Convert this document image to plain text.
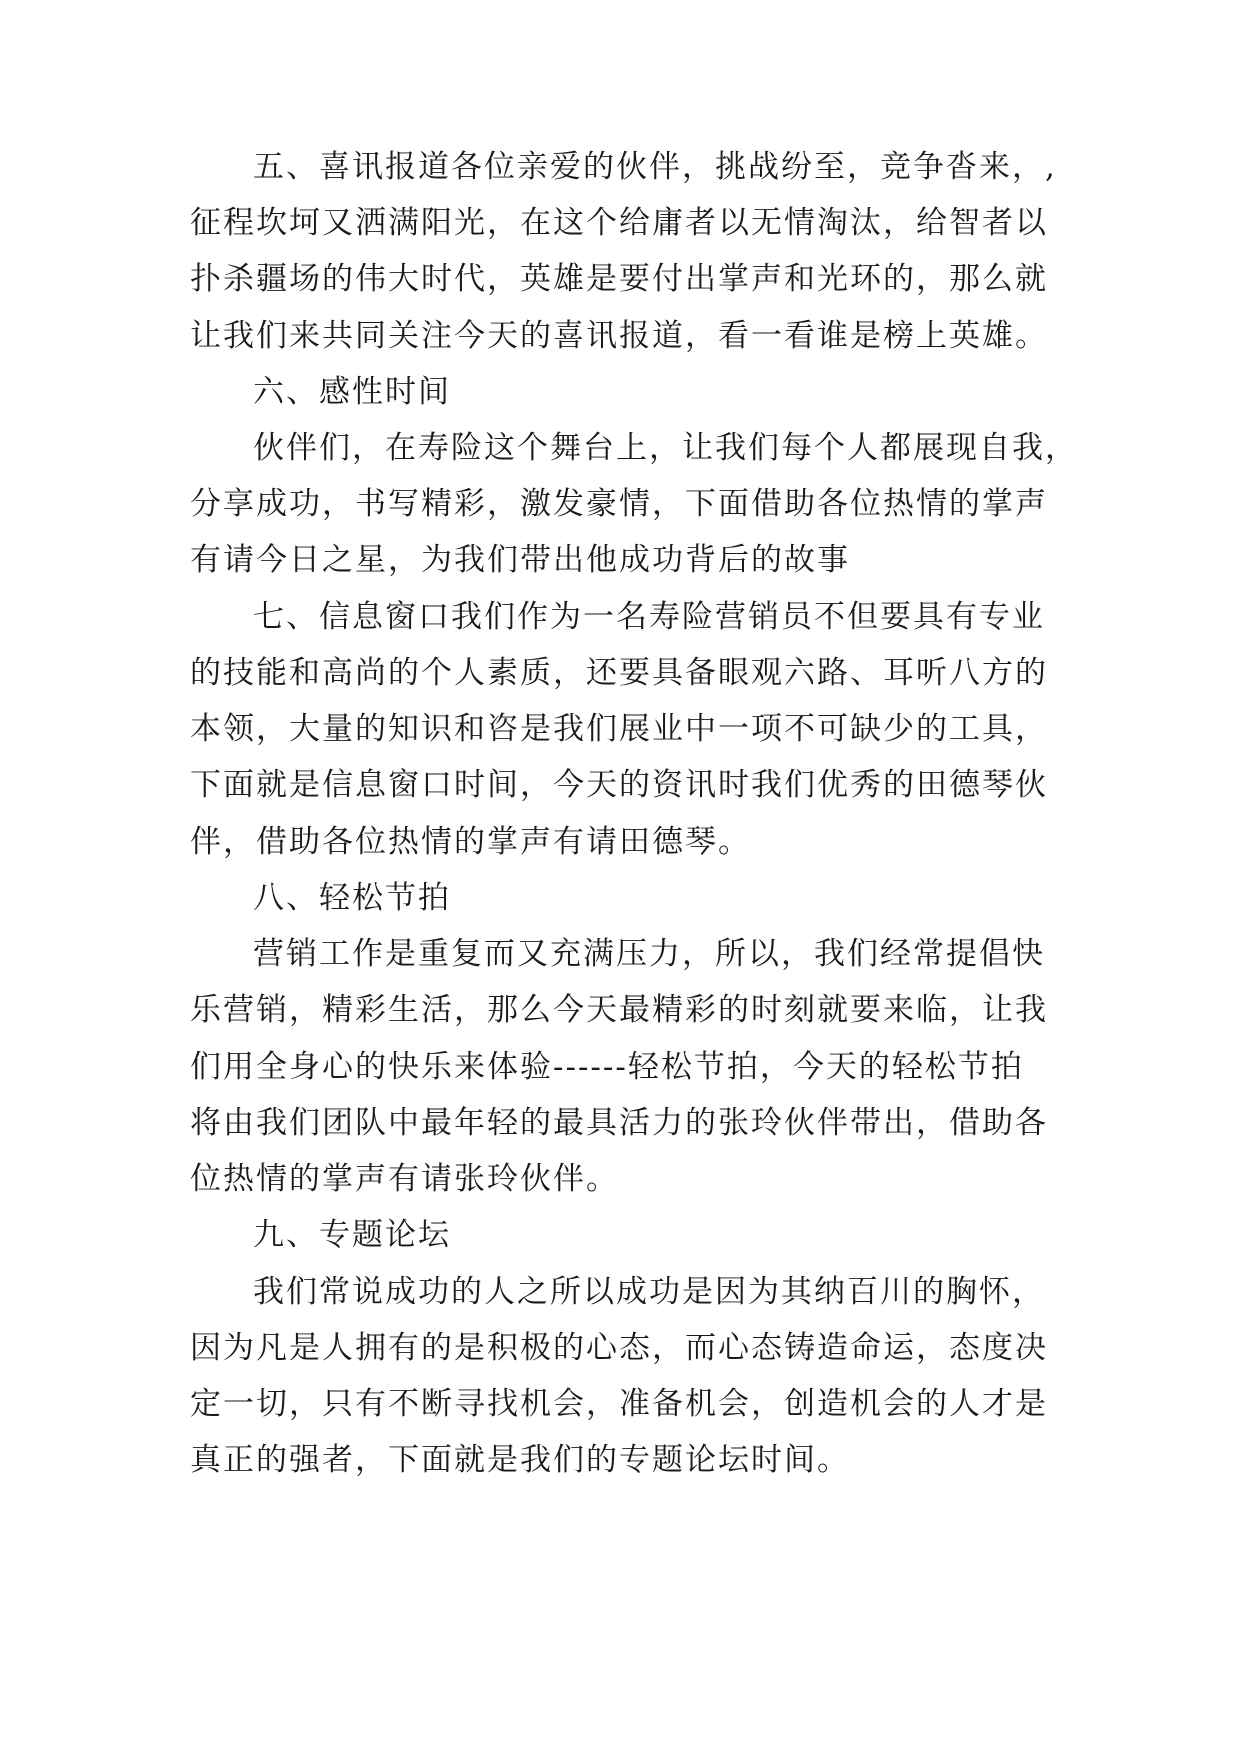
五、喜讯报道各位亲爱的伙伴，挑战纷至，竞争沓来，,
征程坎坷又洒满阳光，在这个给庸者以无情淘汰，给智者以
扑杀疆场的伟大时代，英雄是要付出掌声和光环的，那么就
让我们来共同关注今天的喜讯报道，看一看谁是榜上英雄。
六、感性时间
伙伴们，在寿险这个舞台上，让我们每个人都展现自我，
分享成功，书写精彩，激发豪情，下面借助各位热情的掌声
有请今日之星，为我们带出他成功背后的故事
七、信息窗口我们作为一名寿险营销员不但要具有专业
的技能和高尚的个人素质，还要具备眼观六路、耳听八方的
本领，大量的知识和咨是我们展业中一项不可缺少的工具，
下面就是信息窗口时间，今天的资讯时我们优秀的田德琴伙
伴，借助各位热情的掌声有请田德琴。
八、轻松节拍
营销工作是重复而又充满压力，所以，我们经常提倡快
乐营销，精彩生活，那么今天最精彩的时刻就要来临，让我
们用全身心的快乐来体验------轻松节拍，今天的轻松节拍
将由我们团队中最年轻的最具活力的张玲伙伴带出，借助各
位热情的掌声有请张玲伙伴。
九、专题论坛
我们常说成功的人之所以成功是因为其纳百川的胸怀，
因为凡是人拥有的是积极的心态，而心态铸造命运，态度决
定一切，只有不断寻找机会，准备机会，创造机会的人才是
真正的强者，下面就是我们的专题论坛时间。
